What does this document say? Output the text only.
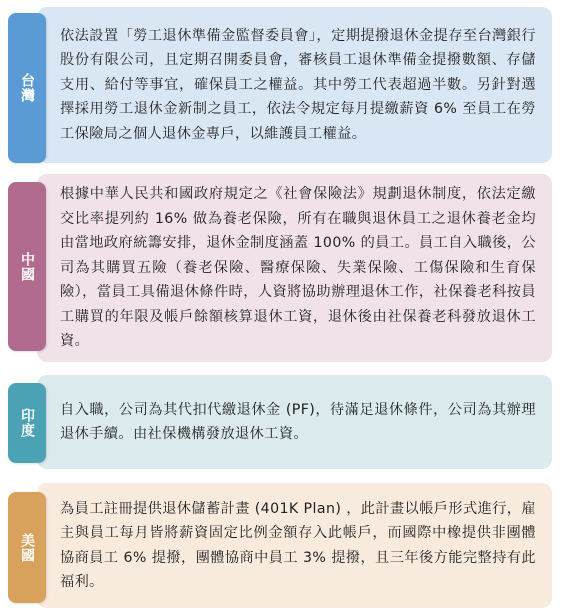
依法設置「勞工退休準備金監督委員會」，定期提撥退休金提存至台灣銀行股份有限公司，且定期召開委員會，審核員工退休準備金提撥數額、存儲支用、給付等事宜，確保員工之權益。其中勞工代表超過半數。另針對選擇採用勞工退休金新制之員工，依法令規定每月提繳薪資 6% 至員工在勞工保險局之個人退休金專戶，以維護員工權益。

台灣

根據中華人民共和國政府規定之《社會保險法》規劃退休制度，依法定繳交比率提列約 16% 做為養老保險，所有在職與退休員工之退休養老金均由當地政府統籌安排，退休金制度涵蓋 100% 的員工。員工自入職後，公司為其購買五險（養老保險、醫療保險、失業保險、工傷保險和生育保險），當員工具備退休條件時，人資將協助辦理退休工作，社保養老科按員工購買的年限及帳戶餘額核算退休工資，退休後由社保養老科發放退休工資。

中國

自入職，公司為其代扣代繳退休金 (PF)，待滿足退休條件，公司為其辦理退休手續。由社保機構發放退休工資。

印度

為員工註冊提供退休儲蓄計畫 (401K Plan) ，此計畫以帳戶形式進行，雇主與員工每月皆將薪資固定比例金額存入此帳戶，而國際中橡提供非團體協商員工 6% 提撥，團體協商中員工 3% 提撥，且三年後方能完整持有此福利。

美國
